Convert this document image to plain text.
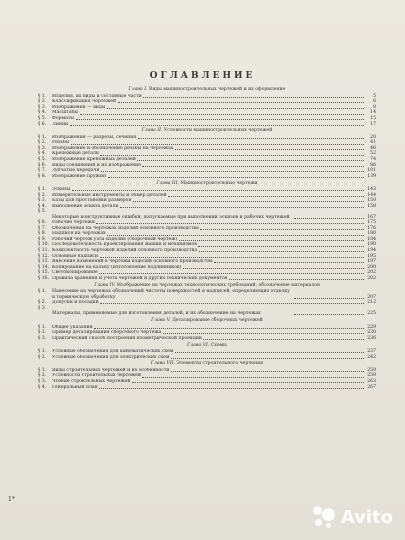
ОГЛАВЛЕНИЕ
Глава I. Виды машиностроительных чертежей и их оформление
§ 1.	Изделия, их виды и составные части	5
§ 2.	Классификация чертежей	6
§ 3.	Изображения — виды	8
§ 4.	Масштабы	14
§ 5.	Форматы	15
§ 6.	Линии	17
Глава II. Условности машиностроительных чертежей
§ 1.	Изображения — разрезы, сечения	20
§ 2.	Резьбы	41
§ 3.	Изображение и обозначение резьбы на чертежах	46
§ 4.	Крепежные детали	52
§ 5.	Изображение крепежных деталей	74
§ 6.	Виды соединений и их изображение	86
§ 7.	Зубчатые передачи	101
§ 8.	Изображение пружин	139
Глава III. Машиностроительные чертежи
§ 1.	Эскизы	143
§ 2.	Измерительные инструменты и обмер деталей	144
§ 3.	Базы для простановки размеров	150
§ 4.	Выполнение эскиза детали	158
§ 5.
Некоторые конструктивные ошибки, допускаемые при выполнении эскизов и рабочих чертежей	167
§ 6.	Рабочие чертежи	175
§ 7.	Обозначения на чертежах изделий основного производства	176
§ 8.	Надписи на чертежах	180
§ 9.	Рабочий чертеж узла изделия (сборочный чертеж)	184
§ 10. Последовательность проектирования машин и механизмов	190
§ 11. Комплектность чертежей изделий основного производства	194
§ 12. Основные надписи	195
§ 13. Внесение изменений в чертежи изделий основного производства	197
§ 14. Копирование на кальку (изготовление подлинников)	200
§ 15. Светокопирование	202
§ 16. Правила хранения и учета чертежей и других технических документов	202
Глава IV. Изображение на чертежах технологических требований, обозначение материалов
§ 1.	Нанесение на чертежах обозначений чистоты поверхностей и надписей, определяющих отделку и термическую обработку	207
§ 2.	Допуски и посадки	212
§ 3.
Материалы, применяемые для изготовления деталей, и их обозначение на чертежах	225
Глава V. Деталирование сборочных чертежей
§ 1.	Общие указания	229
§ 2.	Пример деталирования сборочного чертежа	230
§ 3.	Практический способ построения изометрической проекции	236
Глава VI. Схемы
§ 1.	Условные обозначения для кинематических схем	237
§ 2.	Условные обозначения для электрических схем	242
Глава VII. Элементы строительного черчения
§ 1.	Виды строительных чертежей и их особенности	259
§ 2.	Условности строительных чертежей	259
§ 3.	Чтение строительных чертежей	263
§ 4.	Генеральный план	267
1*
Avito
